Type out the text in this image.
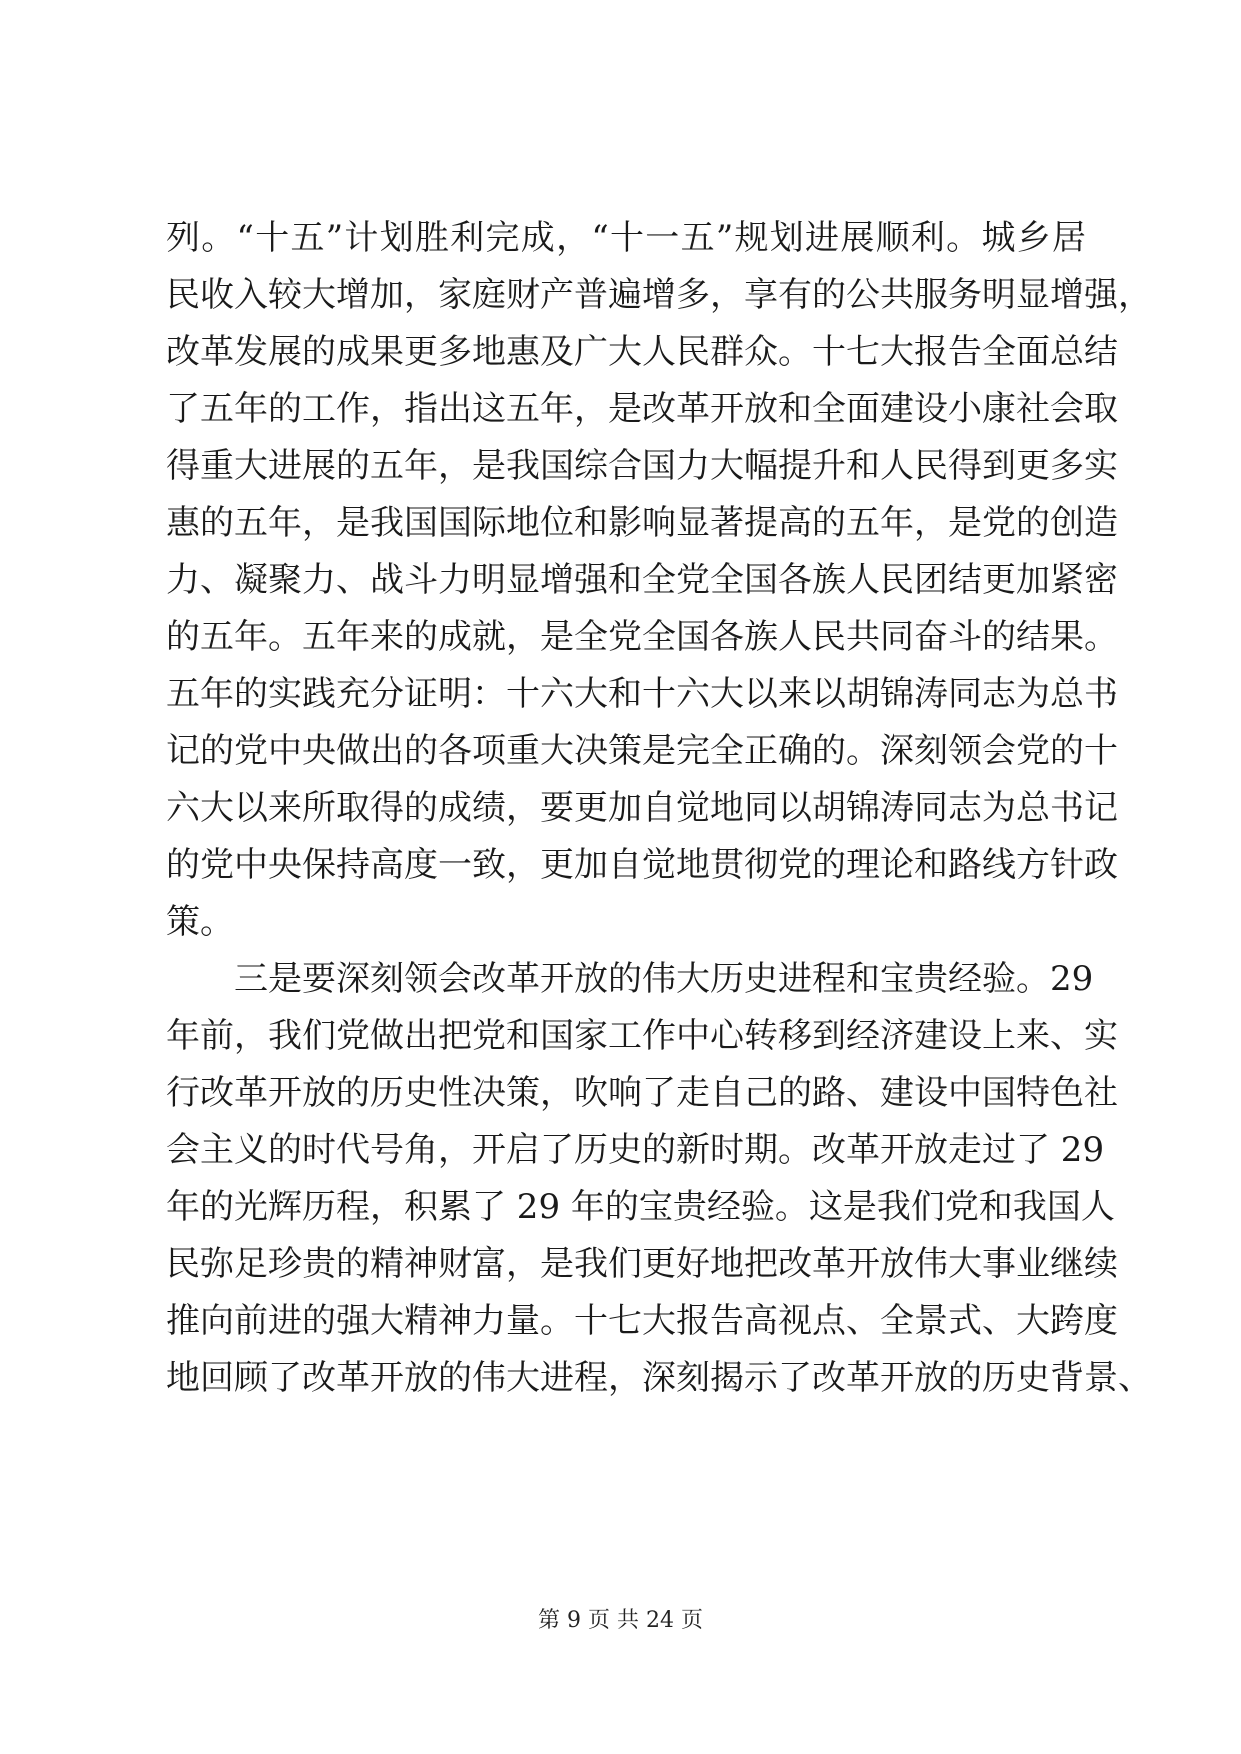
列。“十五”计划胜利完成，“十一五”规划进展顺利。城乡居

民收入较大增加，家庭财产普遍增多，享有的公共服务明显增强，

改革发展的成果更多地惠及广大人民群众。十七大报告全面总结

了五年的工作，指出这五年，是改革开放和全面建设小康社会取

得重大进展的五年，是我国综合国力大幅提升和人民得到更多实

惠的五年，是我国国际地位和影响显著提高的五年，是党的创造

力、凝聚力、战斗力明显增强和全党全国各族人民团结更加紧密

的五年。五年来的成就，是全党全国各族人民共同奋斗的结果。

五年的实践充分证明：十六大和十六大以来以胡锦涛同志为总书

记的党中央做出的各项重大决策是完全正确的。深刻领会党的十

六大以来所取得的成绩，要更加自觉地同以胡锦涛同志为总书记

的党中央保持高度一致，更加自觉地贯彻党的理论和路线方针政

策。

三是要深刻领会改革开放的伟大历史进程和宝贵经验。29

年前，我们党做出把党和国家工作中心转移到经济建设上来、实

行改革开放的历史性决策，吹响了走自己的路、建设中国特色社

会主义的时代号角，开启了历史的新时期。改革开放走过了 29

年的光辉历程，积累了 29 年的宝贵经验。这是我们党和我国人

民弥足珍贵的精神财富，是我们更好地把改革开放伟大事业继续

推向前进的强大精神力量。十七大报告高视点、全景式、大跨度

地回顾了改革开放的伟大进程，深刻揭示了改革开放的历史背景、

第 9 页 共 24 页
